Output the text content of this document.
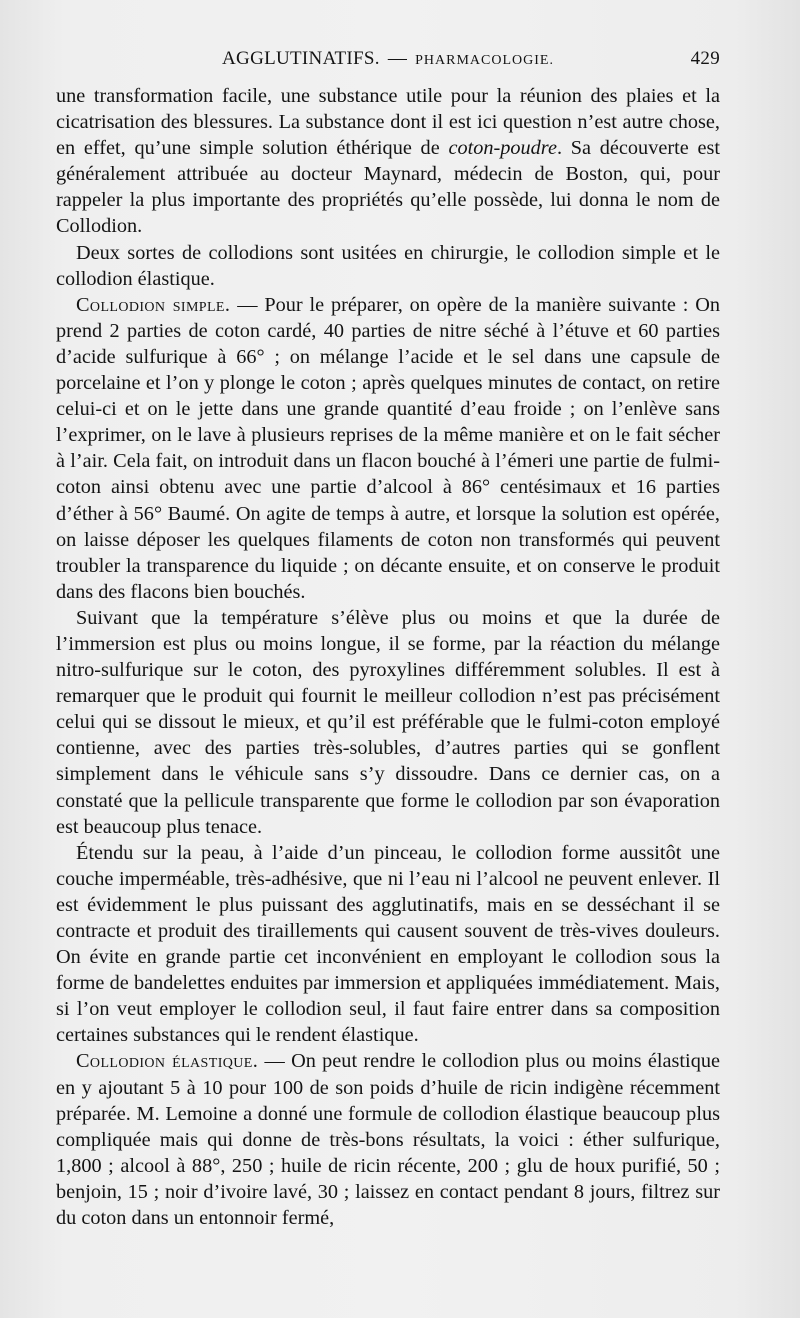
AGGLUTINATIFS. — PHARMACOLOGIE.	429

une transformation facile, une substance utile pour la réunion des plaies et la cicatrisation des blessures. La substance dont il est ici question n’est autre chose, en effet, qu’une simple solution éthérique de coton-poudre. Sa découverte est généralement attribuée au docteur Maynard, médecin de Boston, qui, pour rappeler la plus importante des propriétés qu’elle possède, lui donna le nom de Collodion.

Deux sortes de collodions sont usitées en chirurgie, le collodion simple et le collodion élastique.

Collodion simple. — Pour le préparer, on opère de la manière suivante : On prend 2 parties de coton cardé, 40 parties de nitre séché à l’étuve et 60 parties d’acide sulfurique à 66° ; on mélange l’acide et le sel dans une capsule de porcelaine et l’on y plonge le coton ; après quelques minutes de contact, on retire celui-ci et on le jette dans une grande quantité d’eau froide ; on l’enlève sans l’exprimer, on le lave à plusieurs reprises de la même manière et on le fait sécher à l’air. Cela fait, on introduit dans un flacon bouché à l’émeri une partie de fulmi-coton ainsi obtenu avec une partie d’alcool à 86° centésimaux et 16 parties d’éther à 56° Baumé. On agite de temps à autre, et lorsque la solution est opérée, on laisse déposer les quelques filaments de coton non transformés qui peuvent troubler la transparence du liquide ; on décante ensuite, et on conserve le produit dans des flacons bien bouchés.

Suivant que la température s’élève plus ou moins et que la durée de l’immersion est plus ou moins longue, il se forme, par la réaction du mélange nitro-sulfurique sur le coton, des pyroxylines différemment solubles. Il est à remarquer que le produit qui fournit le meilleur collodion n’est pas précisément celui qui se dissout le mieux, et qu’il est préférable que le fulmi-coton employé contienne, avec des parties très-solubles, d’autres parties qui se gonflent simplement dans le véhicule sans s’y dissoudre. Dans ce dernier cas, on a constaté que la pellicule transparente que forme le collodion par son évaporation est beaucoup plus tenace.

Étendu sur la peau, à l’aide d’un pinceau, le collodion forme aussitôt une couche imperméable, très-adhésive, que ni l’eau ni l’alcool ne peuvent enlever. Il est évidemment le plus puissant des agglutinatifs, mais en se desséchant il se contracte et produit des tiraillements qui causent souvent de très-vives douleurs. On évite en grande partie cet inconvénient en employant le collodion sous la forme de bandelettes enduites par immersion et appliquées immédiatement. Mais, si l’on veut employer le collodion seul, il faut faire entrer dans sa composition certaines substances qui le rendent élastique.

Collodion élastique. — On peut rendre le collodion plus ou moins élastique en y ajoutant 5 à 10 pour 100 de son poids d’huile de ricin indigène récemment préparée. M. Lemoine a donné une formule de collodion élastique beaucoup plus compliquée mais qui donne de très-bons résultats, la voici : éther sulfurique, 1,800 ; alcool à 88°, 250 ; huile de ricin récente, 200 ; glu de houx purifié, 50 ; benjoin, 15 ; noir d’ivoire lavé, 30 ; laissez en contact pendant 8 jours, filtrez sur du coton dans un entonnoir fermé,
